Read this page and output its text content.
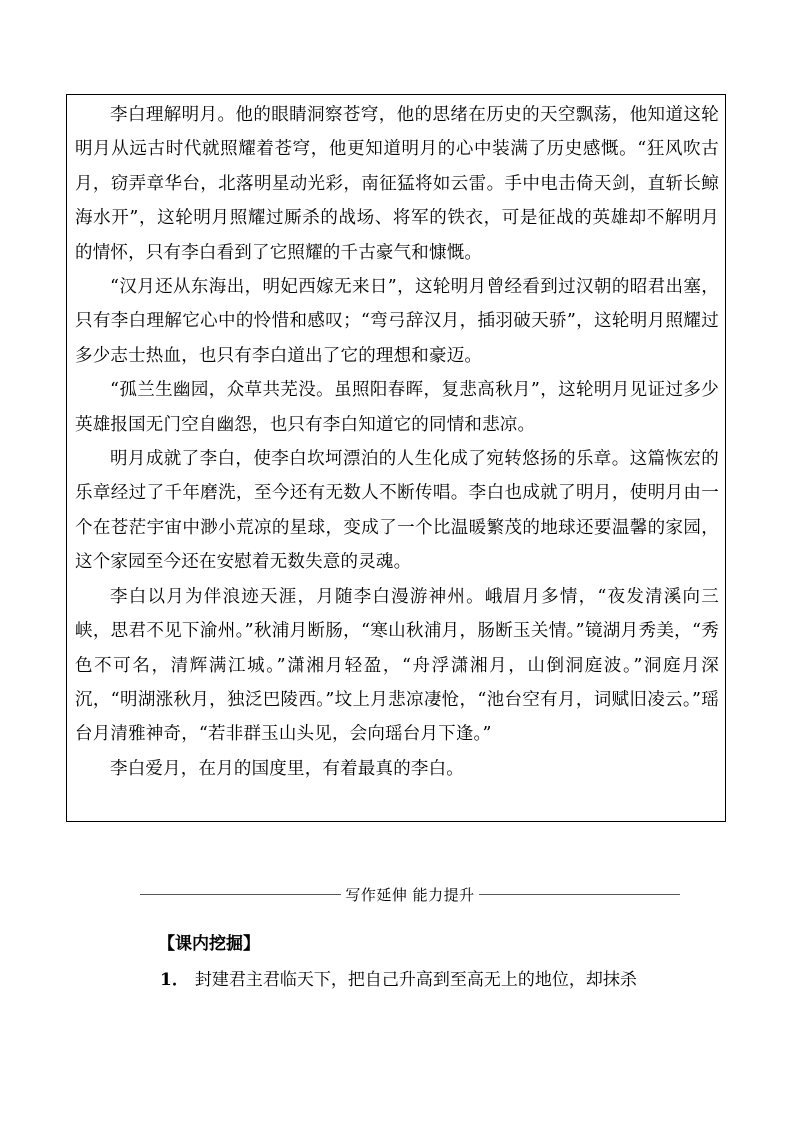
李白理解明月。他的眼睛洞察苍穹，他的思绪在历史的天空飘荡，他知道这轮明月从远古时代就照耀着苍穹，他更知道明月的心中装满了历史感慨。“狂风吹古月，窃弄章华台，北落明星动光彩，南征猛将如云雷。手中电击倚天剑，直斩长鲸海水开”，这轮明月照耀过厮杀的战场、将军的铁衣，可是征战的英雄却不解明月的情怀，只有李白看到了它照耀的千古豪气和慷慨。

“汉月还从东海出，明妃西嫁无来日”，这轮明月曾经看到过汉朝的昭君出塞，只有李白理解它心中的怜惜和感叹；“弯弓辞汉月，插羽破天骄”，这轮明月照耀过多少志士热血，也只有李白道出了它的理想和豪迈。

“孤兰生幽园，众草共芜没。虽照阳春晖，复悲高秋月”，这轮明月见证过多少英雄报国无门空自幽怨，也只有李白知道它的同情和悲凉。

明月成就了李白，使李白坎坷漂泊的人生化成了宛转悠扬的乐章。这篇恢宏的乐章经过了千年磨洗，至今还有无数人不断传唱。李白也成就了明月，使明月由一个在苍茫宇宙中渺小荒凉的星球，变成了一个比温暖繁茂的地球还要温馨的家园，这个家园至今还在安慰着无数失意的灵魂。

李白以月为伴浪迹天涯，月随李白漫游神州。峨眉月多情，“夜发清溪向三峡，思君不见下渝州。”秋浦月断肠，“寒山秋浦月，肠断玉关情。”镜湖月秀美，“秀色不可名，清辉满江城。”潇湘月轻盈，“舟浮潇湘月，山倒洞庭波。”洞庭月深沉，“明湖涨秋月，独泛巴陵西。”坟上月悲凉凄怆，“池台空有月，词赋旧凌云。”瑶台月清雅神奇，“若非群玉山头见，会向瑶台月下逢。”

李白爱月，在月的国度里，有着最真的李白。

写作延伸 能力提升
【课内挖掘】
1． 封建君主君临天下，把自己升高到至高无上的地位，却抹杀
